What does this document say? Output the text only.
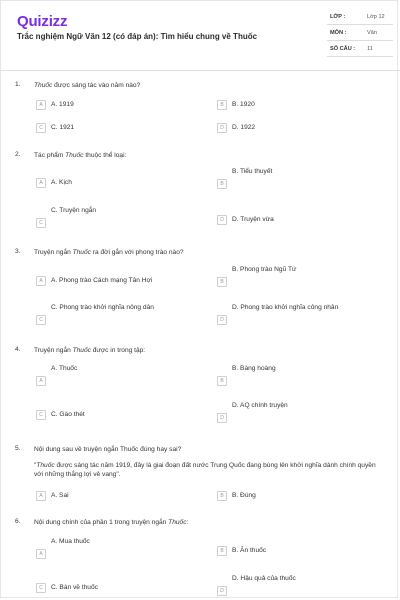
Quizizz
Trắc nghiệm Ngữ Văn 12 (có đáp án): Tìm hiểu chung về Thuốc
LỚP :	Lớp 12
MÔN :	Văn
SỐ CÂU : 11
1. Thuốc được sáng tác vào năm nào?
A	A. 1919	B	B. 1920
C	C. 1921	D	D. 1922
2. Tác phẩm Thuốc thuộc thể loại:
A	A. Kịch	B
B. Tiểu thuyết
C
C. Truyện ngắn
D	D. Truyện vừa
3. Truyện ngắn Thuốc ra đời gắn với phong trào nào?
A	A. Phong trào Cách mạng Tân Hợi	B
B. Phong trào Ngũ Tứ
C
C. Phong trào khởi nghĩa nông dân
D
D. Phong trào khởi nghĩa công nhân
4. Truyện ngắn Thuốc được in trong tập:
A
A. Thuốc
B
B. Bàng hoàng
C	C. Gào thét	D
D. AQ chính truyện
5. Nội dung sau về truyện ngắn Thuốc đúng hay sai?
"Thuốc được sáng tác năm 1919, đây là giai đoạn đất nước Trung Quốc đang bùng lên khởi nghĩa dành chính quyền với những thắng lợi vẻ vang".
A	A. Sai	B	B. Đúng
6. Nội dung chính của phần 1 trong truyện ngắn Thuốc:
A
A. Mua thuốc
B	B. Ăn thuốc
C	C. Bàn về thuốc	D
D. Hậu quả của thuốc
